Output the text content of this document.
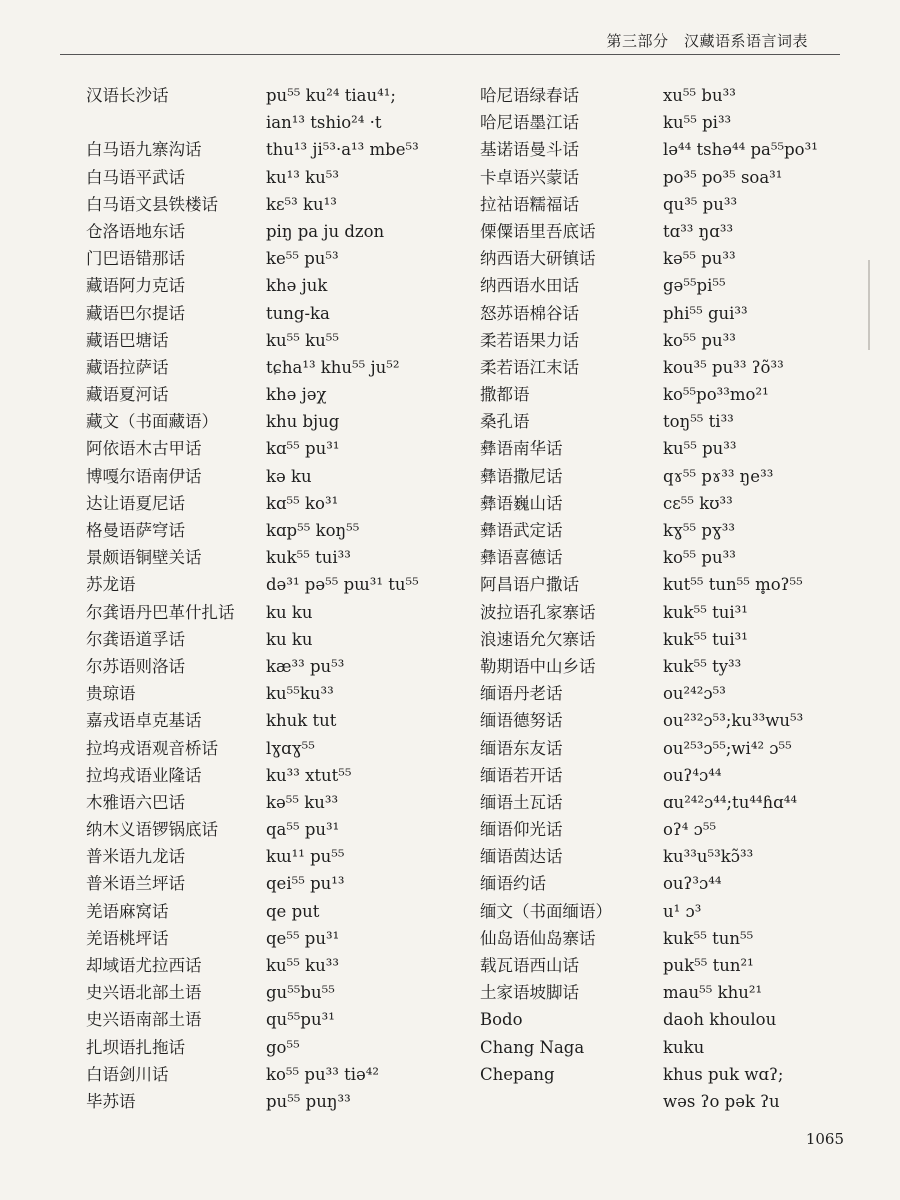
第三部分　汉藏语系语言词表
汉语长沙话
白马语九寨沟话
白马语平武话
白马语文县铁楼话
仓洛语地东话
门巴语错那话
藏语阿力克话
藏语巴尔提话
藏语巴塘话
藏语拉萨话
藏语夏河话
藏文（书面藏语）
阿依语木古甲话
博嘎尔语南伊话
达让语夏尼话
格曼语萨穹话
景颇语铜壁关话
苏龙语
尔龚语丹巴革什扎话
尔龚语道孚话
尔苏语则洛话
贵琼语
嘉戎语卓克基话
拉坞戎语观音桥话
拉坞戎语业隆话
木雅语六巴话
纳木义语锣锅底话
普米语九龙话
普米语兰坪话
羌语麻窝话
羌语桃坪话
却域语尤拉西话
史兴语北部土语
史兴语南部土语
扎坝语扎拖话
白语剑川话
毕苏语
pu⁵⁵ ku²⁴ tiau⁴¹;
ian¹³ tshio²⁴ ·t
thu¹³ ji⁵³·a¹³ mbe⁵³
ku¹³ ku⁵³
kɛ⁵³ ku¹³
piŋ pa ju dzon
ke⁵⁵ pu⁵³
khə juk
tung-ka
ku⁵⁵ ku⁵⁵
tɕha¹³ khu⁵⁵ ju⁵²
khə jəχ
khu bjug
kɑ⁵⁵ pu³¹
kə ku
kɑ⁵⁵ ko³¹
kɑp⁵⁵ koŋ⁵⁵
kuk⁵⁵ tui³³
də³¹ pə⁵⁵ pɯ³¹ tu⁵⁵
ku ku
ku ku
kæ³³ pu⁵³
ku⁵⁵ku³³
khuk tut
lɣɑɣ⁵⁵
ku³³ xtut⁵⁵
kə⁵⁵ ku³³
qa⁵⁵ pu³¹
kɯ¹¹ pu⁵⁵
qei⁵⁵ pu¹³
qe put
qe⁵⁵ pu³¹
ku⁵⁵ ku³³
gu⁵⁵bu⁵⁵
qu⁵⁵pu³¹
go⁵⁵
ko⁵⁵ pu³³ tiə⁴²
pu⁵⁵ puŋ³³
哈尼语绿春话
哈尼语墨江话
基诺语曼斗话
卡卓语兴蒙话
拉祜语糯福话
傈僳语里吾底话
纳西语大研镇话
纳西语水田话
怒苏语棉谷话
柔若语果力话
柔若语江末话
撒都语
桑孔语
彝语南华话
彝语撒尼话
彝语巍山话
彝语武定话
彝语喜德话
阿昌语户撒话
波拉语孔家寨话
浪速语允欠寨话
勒期语中山乡话
缅语丹老话
缅语德努话
缅语东友话
缅语若开话
缅语土瓦话
缅语仰光话
缅语茵达话
缅语约话
缅文（书面缅语）
仙岛语仙岛寨话
载瓦语西山话
土家语坡脚话
Bodo
Chang Naga
Chepang
xu⁵⁵ bu³³
ku⁵⁵ pi³³
lə⁴⁴ tshə⁴⁴ pa⁵⁵po³¹
po³⁵ po³⁵ soa³¹
qu³⁵ pu³³
tɑ³³ ŋɑ³³
kə⁵⁵ pu³³
gə⁵⁵pi⁵⁵
phi⁵⁵ gui³³
ko⁵⁵ pu³³
kou³⁵ pu³³ ʔõ³³
ko⁵⁵po³³mo²¹
toŋ⁵⁵ ti³³
ku⁵⁵ pu³³
qɤ⁵⁵ pɤ³³ ŋe³³
cɛ⁵⁵ kʊ³³
kɣ⁵⁵ pɣ³³
ko⁵⁵ pu³³
kut⁵⁵ tun⁵⁵ m̥oʔ⁵⁵
kuk⁵⁵ tui³¹
kuk⁵⁵ tui³¹
kuk⁵⁵ ty³³
ou²⁴²ɔ⁵³
ou²³²ɔ⁵³;ku³³wu⁵³
ou²⁵³ɔ⁵⁵;wi⁴² ɔ⁵⁵
ouʔ⁴ɔ⁴⁴
ɑu²⁴²ɔ⁴⁴;tu⁴⁴ɦɑ⁴⁴
oʔ⁴ ɔ⁵⁵
ku³³u⁵³kɔ̃³³
ouʔ³ɔ⁴⁴
u¹ ɔ³
kuk⁵⁵ tun⁵⁵
puk⁵⁵ tun²¹
mau⁵⁵ khu²¹
daoh khoulou
kuku
khus puk wɑʔ;
wəs ʔo pək ʔu
1065
